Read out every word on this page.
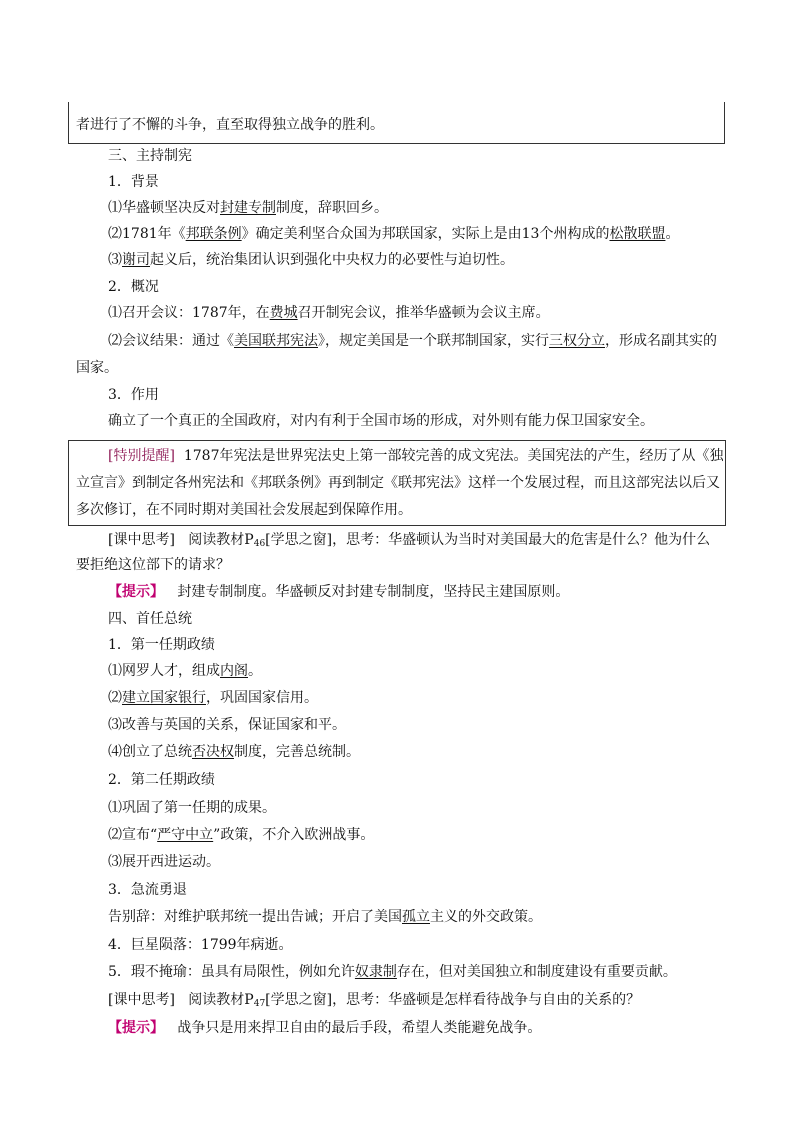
者进行了不懈的斗争，直至取得独立战争的胜利。
三、主持制宪
1．背景
⑴华盛顿坚决反对封建专制制度，辞职回乡。
⑵1781年《邦联条例》确定美利坚合众国为邦联国家，实际上是由13个州构成的松散联盟。
⑶谢司起义后，统治集团认识到强化中央权力的必要性与迫切性。
2．概况
⑴召开会议：1787年，在费城召开制宪会议，推举华盛顿为会议主席。
⑵会议结果：通过《美国联邦宪法》，规定美国是一个联邦制国家，实行三权分立，形成名副其实的
国家。
3．作用
确立了一个真正的全国政府，对内有利于全国市场的形成，对外则有能力保卫国家安全。
[特别提醒] 1787年宪法是世界宪法史上第一部较完善的成文宪法。美国宪法的产生，经历了从《独
立宣言》到制定各州宪法和《邦联条例》再到制定《联邦宪法》这样一个发展过程，而且这部宪法以后又
多次修订，在不同时期对美国社会发展起到保障作用。
[课中思考] 阅读教材$P_{46}$[学思之窗]，思考：华盛顿认为当时对美国最大的危害是什么？他为什么
要拒绝这位部下的请求？
【提示】 封建专制制度。华盛顿反对封建专制制度，坚持民主建国原则。
四、首任总统
1．第一任期政绩
⑴网罗人才，组成内阁。
⑵建立国家银行，巩固国家信用。
⑶改善与英国的关系，保证国家和平。
⑷创立了总统否决权制度，完善总统制。
2．第二任期政绩
⑴巩固了第一任期的成果。
⑵宣布“严守中立”政策，不介入欧洲战事。
⑶展开西进运动。
3．急流勇退
告别辞：对维护联邦统一提出告诫；开启了美国孤立主义的外交政策。
4．巨星陨落：1799年病逝。
5．瑕不掩瑜：虽具有局限性，例如允许奴隶制存在，但对美国独立和制度建设有重要贡献。
[课中思考] 阅读教材$P_{47}$[学思之窗]，思考：华盛顿是怎样看待战争与自由的关系的？
【提示】 战争只是用来捍卫自由的最后手段，希望人类能避免战争。
